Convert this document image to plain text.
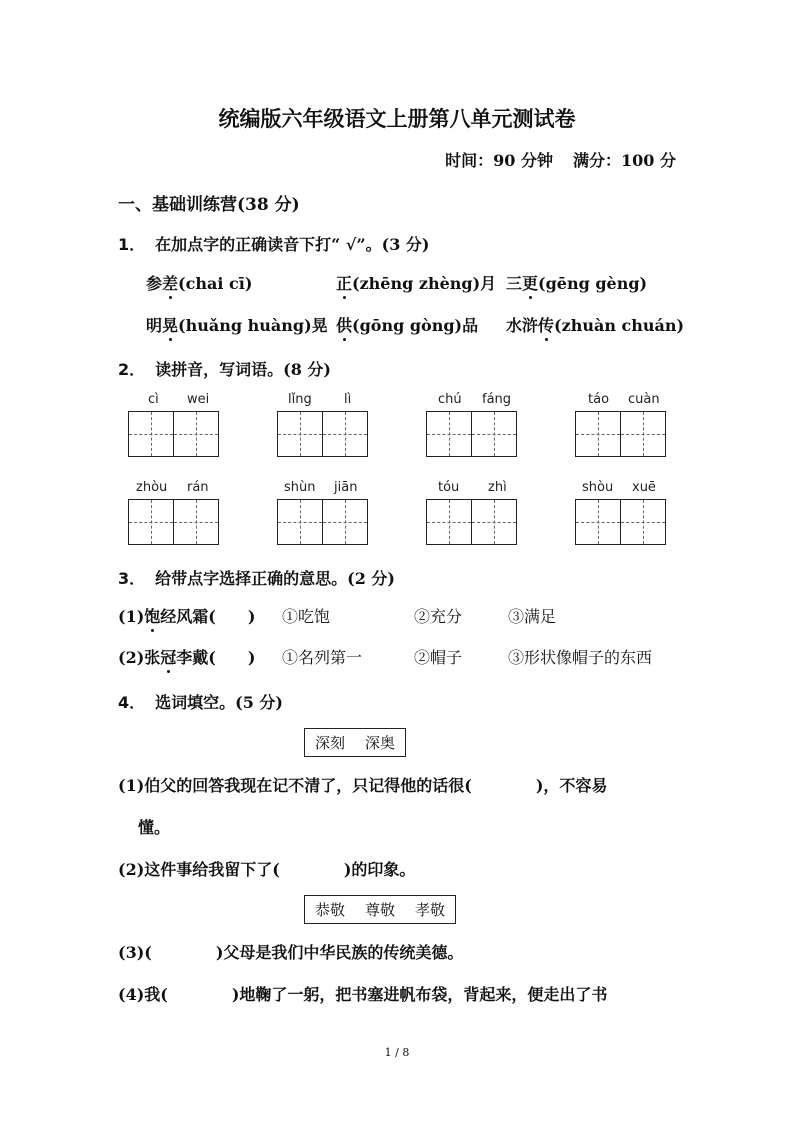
统编版六年级语文上册第八单元测试卷
时间：90 分钟 满分：100 分
一、基础训练营(38 分)
1． 在加点字的正确读音下打“ √”。(3 分)
参差(chai cī)	正(zhēng zhèng)月 三更(gēng gèng)
明晃(huǎng huàng)晃 供(gōng gòng)品 水浒传(zhuàn chuán)
2． 读拼音，写词语。(8 分)
cì wei	lǐng lì	chú fáng	táo cuàn
zhòu rán	shùn jiān	tóu zhì	shòu xuē
3． 给带点字选择正确的意思。(2 分)
(1)饱经风霜(　　) ①吃饱	②充分	③满足
(2)张冠李戴(　　) ①名列第一	②帽子	③形状像帽子的东西
4． 选词填空。(5 分)
深刻 深奥
(1)伯父的回答我现在记不清了，只记得他的话很(　　　　)，不容易
懂。
(2)这件事给我留下了(　　　　)的印象。
恭敬 尊敬 孝敬
(3)(　　　　)父母是我们中华民族的传统美德。
(4)我(　　　　)地鞠了一躬，把书塞进帆布袋，背起来，便走出了书
1 / 8
